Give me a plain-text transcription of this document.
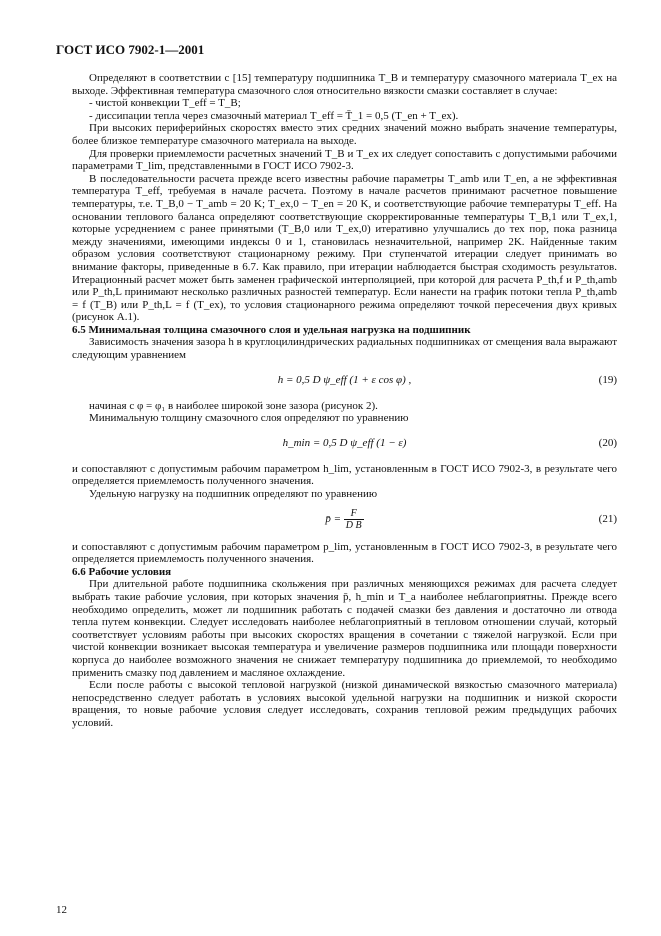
ГОСТ ИСО 7902-1—2001

Определяют в соответствии с [15] температуру подшипника T_B и температуру смазочного материала T_ex на выходе. Эффективная температура смазочного слоя относительно вязкости смазки составляет в случае:

- чистой конвекции T_eff = T_B;

- диссипации тепла через смазочный материал T_eff = T̄_1 = 0,5 (T_en + T_ex).

При высоких периферийных скоростях вместо этих средних значений можно выбрать значение температуры, более близкое температуре смазочного материала на выходе.

Для проверки приемлемости расчетных значений T_B и T_ex их следует сопоставить с допустимыми рабочими параметрами T_lim, представленными в ГОСТ ИСО 7902-3.

В последовательности расчета прежде всего известны рабочие параметры T_amb или T_en, а не эффективная температура T_eff, требуемая в начале расчета. Поэтому в начале расчетов принимают расчетное повышение температуры, т.е. T_B,0 − T_amb = 20 K; T_ex,0 − T_en = 20 K, и соответствующие рабочие температуры T_eff. На основании теплового баланса определяют соответствующие скорректированные температуры T_B,1 или T_ex,1, которые усреднением с ранее принятыми (T_B,0 или T_ex,0) итеративно улучшались до тех пор, пока разница между значениями, имеющими индексы 0 и 1, становилась незначительной, например 2K. Найденные таким образом условия соответствуют стационарному режиму. При ступенчатой итерации следует принимать во внимание факторы, приведенные в 6.7. Как правило, при итерации наблюдается быстрая сходимость результатов. Итерационный расчет может быть заменен графической интерполяцией, при которой для расчета P_th,f и P_th,amb или P_th,L принимают несколько различных разностей температур. Если нанести на график потоки тепла P_th,amb = f (T_B) или P_th,L = f (T_ex), то условия стационарного режима определяют точкой пересечения двух кривых (рисунок А.1).

6.5 Минимальная толщина смазочного слоя и удельная нагрузка на подшипник

Зависимость значения зазора h в круглоцилиндрических радиальных подшипниках от смещения вала выражают следующим уравнением

h = 0,5 D ψ_eff (1 + ε cos φ) ,	(19)

начиная с φ = φ₁ в наиболее широкой зоне зазора (рисунок 2).

Минимальную толщину смазочного слоя определяют по уравнению

h_min = 0,5 D ψ_eff (1 − ε)	(20)

и сопоставляют с допустимым рабочим параметром h_lim, установленным в ГОСТ ИСО 7902-3, в результате чего определяется приемлемость полученного значения.

Удельную нагрузку на подшипник определяют по уравнению

p̄ = $\frac{F}{\text{D B}}$	(21)

и сопоставляют с допустимым рабочим параметром p_lim, установленным в ГОСТ ИСО 7902-3, в результате чего определяется приемлемость полученного значения.

6.6 Рабочие условия

При длительной работе подшипника скольжения при различных меняющихся режимах для расчета следует выбрать такие рабочие условия, при которых значения p̄, h_min и T_a наиболее неблагоприятны. Прежде всего необходимо определить, может ли подшипник работать с подачей смазки без давления и достаточно ли отвода тепла путем конвекции. Следует исследовать наиболее неблагоприятный в тепловом отношении случай, который соответствует условиям работы при высоких скоростях вращения в сочетании с тяжелой нагрузкой. Если при чистой конвекции возникает высокая температура и увеличение размеров подшипника или площади поверхности корпуса до наиболее возможного значения не снижает температуру подшипника до приемлемой, то необходимо применить смазку под давлением и масляное охлаждение.

Если после работы с высокой тепловой нагрузкой (низкой динамической вязкостью смазочного материала) непосредственно следует работать в условиях высокой удельной нагрузки на подшипник и низкой скорости вращения, то новые рабочие условия следует исследовать, сохранив тепловой режим предыдущих рабочих условий.

12
